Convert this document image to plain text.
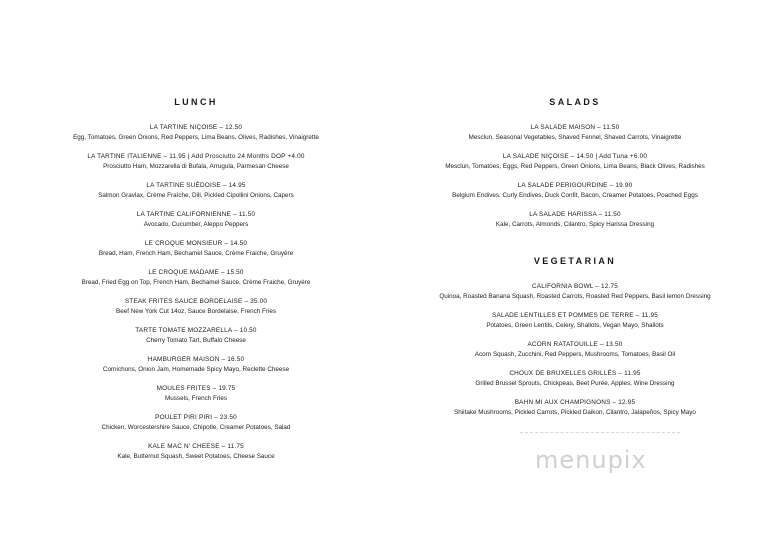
LUNCH
LA TARTINE NIÇOISE – 12.50
Egg, Tomatoes, Green Onions, Red Peppers, Lima Beans, Olives, Radishes, Vinaigrette
LA TARTINE ITALIENNE – 11.95 | Add Prosciutto 24 Months DOP +4.00
Prosciutto Ham, Mozzarella di Bufala, Arrugula, Parmesan Cheese
LA TARTINE SUÉDOISE – 14.95
Salmon Gravlax, Crème Fraîche, Dill, Pickled Cipollini Onions, Capers
LA TARTINE CALIFORNIENNE – 11.50
Avocado, Cucumber, Aleppo Peppers
LE CROQUE MONSIEUR – 14.50
Bread, Ham, French Ham, Bechamel Sauce, Crème Fraiche, Gruyère
LE CROQUE MADAME – 15.50
Bread, Fried Egg on Top, French Ham, Bechamel Sauce, Crème Fraiche, Gruyère
STEAK FRITES SAUCE BORDELAISE – 35.00
Beef New York Cut 14oz, Sauce Bordelaise, French Fries
TARTE TOMATE MOZZARELLA – 10.50
Cherry Tomato Tart, Buffalo Cheese
HAMBURGER MAISON – 16.50
Cornichons, Onion Jam, Homemade Spicy Mayo, Reclette Cheese
MOULES FRITES – 19.75
Mussels, French Fries
POULET PIRI PIRI – 23.50
Chicken, Worcestershire Sauce, Chipotle, Creamer Potatoes, Salad
KALE MAC N' CHEESE – 11.75
Kale, Butternut Squash, Sweet Potatoes, Cheese Sauce
SALADS
LA SALADE MAISON – 11.50
Mesclun, Seasonal Vegetables, Shaved Fennel, Shaved Carrots, Vinaigrette
LA SALADE NIÇOISE – 14.50 | Add Tuna +6.00
Mesclun, Tomatoes, Eggs, Red Peppers, Green Onions, Lima Beans, Black Olives, Radishes
LA SALADE PERIGOURDINE – 19.90
Belgium Endives, Curly Endives, Duck Confit, Bacon, Creamer Potatoes, Poached Eggs
LA SALADE HARISSA – 11.50
Kale, Carrots, Almonds, Cilantro, Spicy Harissa Dressing
VEGETARIAN
CALIFORNIA BOWL – 12.75
Quinoa, Roasted Banana Squash, Roasted Carrots, Roasted Red Peppers, Basil lemon Dressing
SALADE LENTILLES ET POMMES DE TERRE – 11.95
Potatoes, Green Lentils, Celery, Shallots, Vegan Mayo, Shallots
ACORN RATATOUILLE – 13.50
Acorn Squash, Zucchini, Red Peppers, Mushrooms, Tomatoes, Basil Oil
CHOUX DE BRUXELLES GRILLÉS – 11.95
Grilled Brussel Sprouts, Chickpeas, Beet Purée, Apples, Wine Dressing
BAHN MI AUX CHAMPIGNONS – 12.95
Shiitake Mushrooms, Pickled Carrots, Pickled Daikon, Cilantro, Jalapeños, Spicy Mayo
menupix
